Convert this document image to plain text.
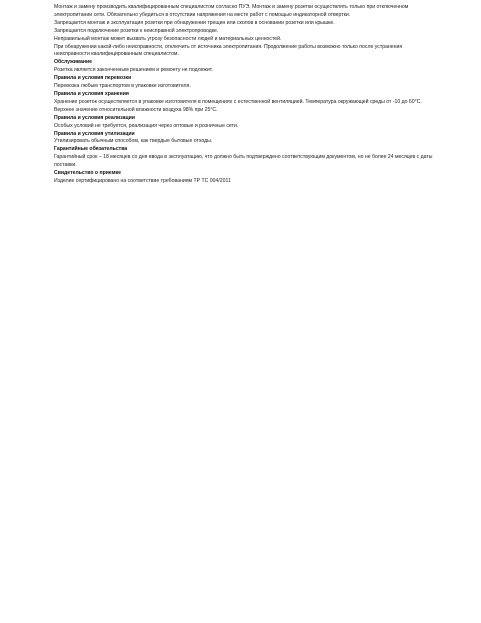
Монтаж и замену производить квалифицированным специалистом согласно ПУЭ. Монтаж и замену розетки осуществлять только при отключенном электропитании сети. Обязательно убедиться в отсутствии напряжения на месте работ с помощью индикаторной отвертки.

Запрещается монтаж и эксплуатация розетки при обнаружении трещин или сколов в основании розетки или крышке.

Запрещается подключение розетки к неисправной электропроводке.

Неправильный монтаж может вызвать угрозу безопасности людей и материальных ценностей.

При обнаружении какой-либо неисправности, отключить от источника электропитания. Продолжение работы возможно только после устранения неисправности квалифицированным специалистом.

Обслуживание

Розетка является законченным решением и ремонту не подлежит.

Правила и условия перевозки

Перевозка любым транспортом в упаковке изготовителя.

Правила и условия хранения

Хранение розеток осуществляется в упаковке изготовителя в помещениях с естественной вентиляцией. Температура окружающей среды от -10 до 60°C. Верхнее значение относительной влажности воздуха 98% при 25°C.

Правила и условия реализации

Особых условий не требуется, реализация через оптовые и розничные сети.

Правила и условия утилизации

Утилизировать обычным способом, как твердые бытовые отходы.

Гарантийные обязательства

Гарантийный срок – 18 месяцев со дня ввода в эксплуатацию, что должно быть подтверждено соответствующим документом, но не более 24 месяцев с даты поставки.

Свидетельство о приемке

Изделие сертифицировано на соответствие требованиям ТР ТС 004/2011
